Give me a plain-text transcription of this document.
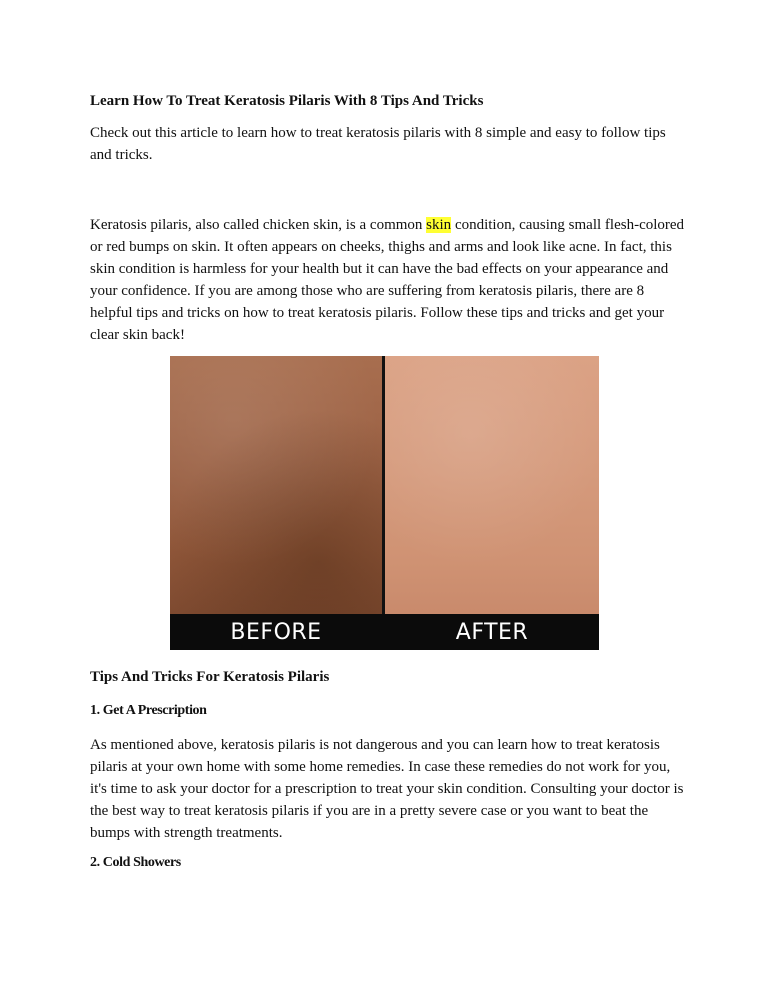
Learn How To Treat Keratosis Pilaris With 8 Tips And Tricks

Check out this article to learn how to treat keratosis pilaris with 8 simple and easy to follow tips and tricks.

Keratosis pilaris, also called chicken skin, is a common skin condition, causing small flesh-colored or red bumps on skin. It often appears on cheeks, thighs and arms and look like acne. In fact, this skin condition is harmless for your health but it can have the bad effects on your appearance and your confidence. If you are among those who are suffering from keratosis pilaris, there are 8 helpful tips and tricks on how to treat keratosis pilaris. Follow these tips and tricks and get your clear skin back!

BEFORE	AFTER
Tips And Tricks For Keratosis Pilaris
1. Get A Prescription

As mentioned above, keratosis pilaris is not dangerous and you can learn how to treat keratosis pilaris at your own home with some home remedies. In case these remedies do not work for you, it's time to ask your doctor for a prescription to treat your skin condition. Consulting your doctor is the best way to treat keratosis pilaris if you are in a pretty severe case or you want to beat the bumps with strength treatments.

2. Cold Showers
